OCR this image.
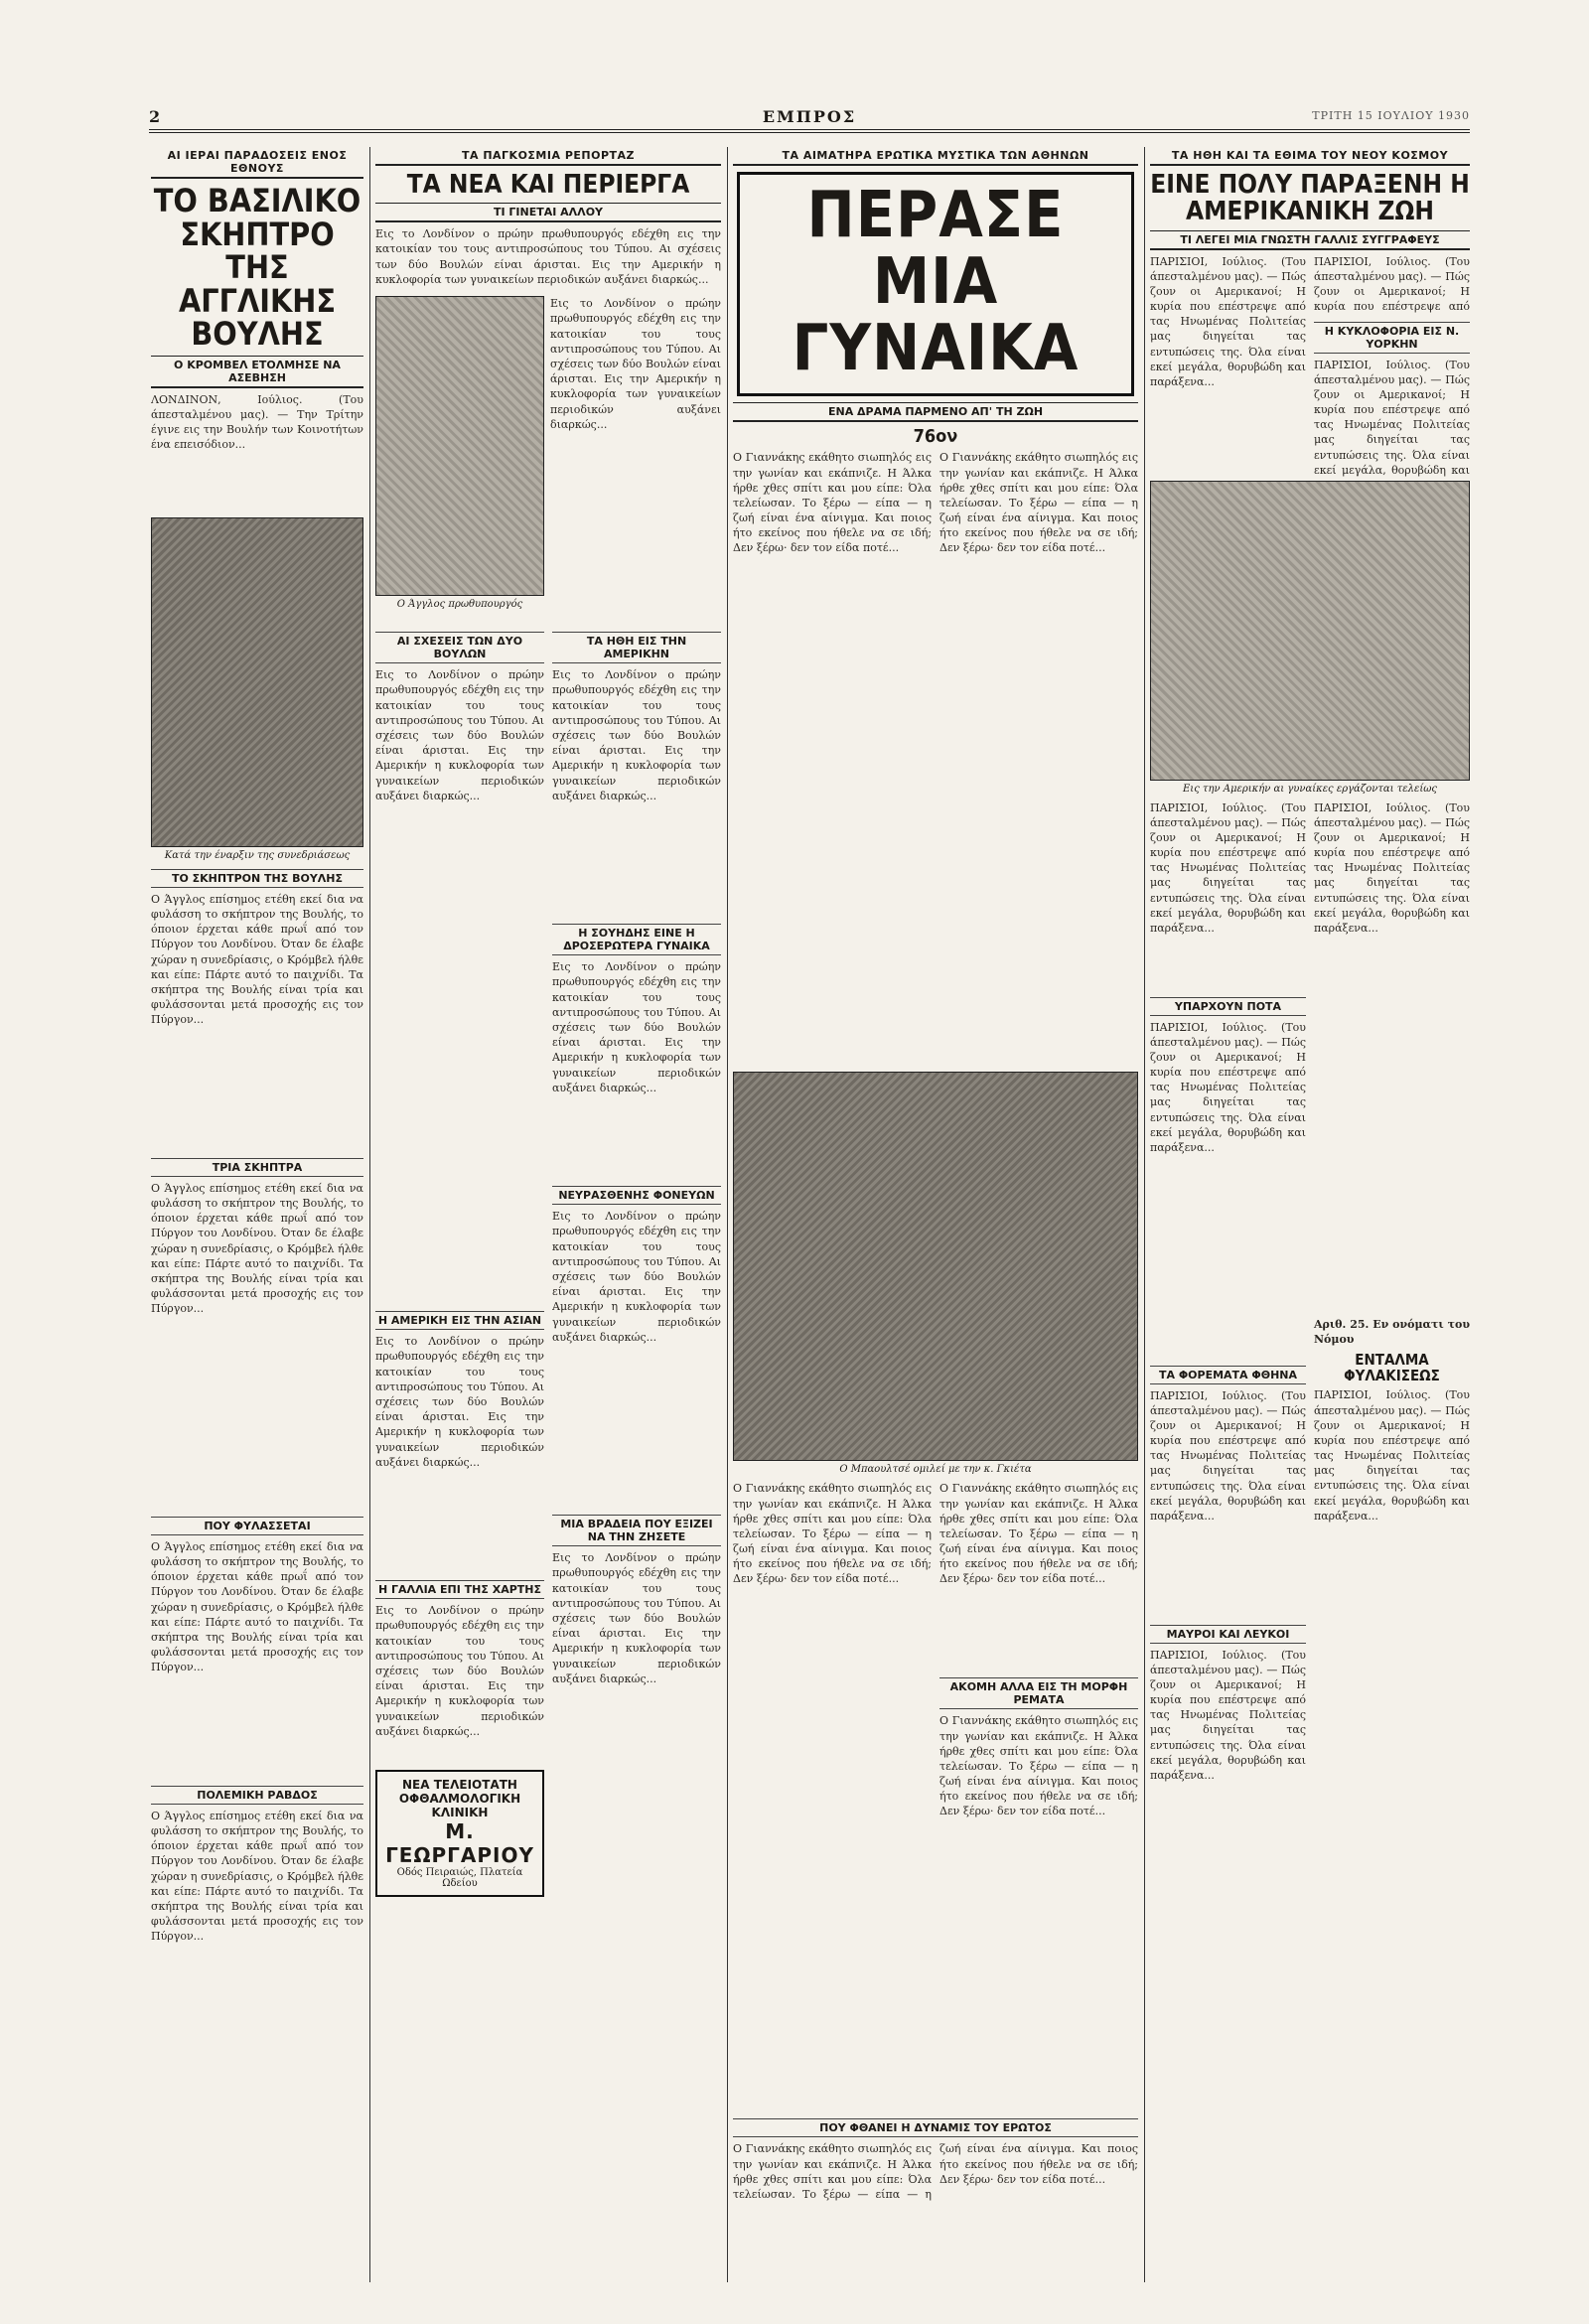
2	ΕΜΠΡΟΣ	ΤΡΙΤΗ 15 ΙΟΥΛΙΟΥ 1930
ΑΙ ΙΕΡΑΙ ΠΑΡΑΔΟΣΕΙΣ ΕΝΟΣ ΕΘΝΟΥΣ
ΤΟ ΒΑΣΙΛΙΚΟ ΣΚΗΠΤΡΟ ΤΗΣ ΑΓΓΛΙΚΗΣ ΒΟΥΛΗΣ
Ο ΚΡΟΜΒΕΛ ΕΤΟΛΜΗΣΕ ΝΑ ΑΣΕΒΗΣΗ
ΛΟΝΔΙΝΟΝ, Ιούλιος. (Του άπεσταλμένου μας). — Την Τρίτην έγινε εις την Βουλήν των Κοινοτήτων ένα επεισόδιον...
Κατά την έναρξιν της συνεδριάσεως
ΤΟ ΣΚΗΠΤΡΟΝ ΤΗΣ ΒΟΥΛΗΣ
Ο Άγγλος επίσημος ετέθη εκεί δια να φυλάσση το σκήπτρον της Βουλής, το όποιον έρχεται κάθε πρωΐ από τον Πύργον του Λονδίνου. Όταν δε έλαβε χώραν η συνεδρίασις, ο Κρόμβελ ήλθε και είπε: Πάρτε αυτό το παιχνίδι. Τα σκήπτρα της Βουλής είναι τρία και φυλάσσονται μετά προσοχής εις τον Πύργον...
ΤΡΙΑ ΣΚΗΠΤΡΑ
Ο Άγγλος επίσημος ετέθη εκεί δια να φυλάσση το σκήπτρον της Βουλής, το όποιον έρχεται κάθε πρωΐ από τον Πύργον του Λονδίνου. Όταν δε έλαβε χώραν η συνεδρίασις, ο Κρόμβελ ήλθε και είπε: Πάρτε αυτό το παιχνίδι. Τα σκήπτρα της Βουλής είναι τρία και φυλάσσονται μετά προσοχής εις τον Πύργον...
ΠΟΥ ΦΥΛΑΣΣΕΤΑΙ
Ο Άγγλος επίσημος ετέθη εκεί δια να φυλάσση το σκήπτρον της Βουλής, το όποιον έρχεται κάθε πρωΐ από τον Πύργον του Λονδίνου. Όταν δε έλαβε χώραν η συνεδρίασις, ο Κρόμβελ ήλθε και είπε: Πάρτε αυτό το παιχνίδι. Τα σκήπτρα της Βουλής είναι τρία και φυλάσσονται μετά προσοχής εις τον Πύργον...
ΠΟΛΕΜΙΚΗ ΡΑΒΔΟΣ
Ο Άγγλος επίσημος ετέθη εκεί δια να φυλάσση το σκήπτρον της Βουλής, το όποιον έρχεται κάθε πρωΐ από τον Πύργον του Λονδίνου. Όταν δε έλαβε χώραν η συνεδρίασις, ο Κρόμβελ ήλθε και είπε: Πάρτε αυτό το παιχνίδι. Τα σκήπτρα της Βουλής είναι τρία και φυλάσσονται μετά προσοχής εις τον Πύργον...
ΤΑ ΠΑΓΚΟΣΜΙΑ ΡΕΠΟΡΤΑΖ
ΤΑ ΝΕΑ ΚΑΙ ΠΕΡΙΕΡΓΑ
ΤΙ ΓΙΝΕΤΑΙ ΑΛΛΟΥ
Εις το Λονδίνον ο πρώην πρωθυπουργός εδέχθη εις την κατοικίαν του τους αντιπροσώπους του Τύπου. Αι σχέσεις των δύο Βουλών είναι άρισται. Εις την Αμερικήν η κυκλοφορία των γυναικείων περιοδικών αυξάνει διαρκώς...
Ο Άγγλος πρωθυπουργός
Εις το Λονδίνον ο πρώην πρωθυπουργός εδέχθη εις την κατοικίαν του τους αντιπροσώπους του Τύπου. Αι σχέσεις των δύο Βουλών είναι άρισται. Εις την Αμερικήν η κυκλοφορία των γυναικείων περιοδικών αυξάνει διαρκώς...
ΑΙ ΣΧΕΣΕΙΣ ΤΩΝ ΔΥΟ ΒΟΥΛΩΝ
Εις το Λονδίνον ο πρώην πρωθυπουργός εδέχθη εις την κατοικίαν του τους αντιπροσώπους του Τύπου. Αι σχέσεις των δύο Βουλών είναι άρισται. Εις την Αμερικήν η κυκλοφορία των γυναικείων περιοδικών αυξάνει διαρκώς...
Η ΑΜΕΡΙΚΗ ΕΙΣ ΤΗΝ ΑΣΙΑΝ
Εις το Λονδίνον ο πρώην πρωθυπουργός εδέχθη εις την κατοικίαν του τους αντιπροσώπους του Τύπου. Αι σχέσεις των δύο Βουλών είναι άρισται. Εις την Αμερικήν η κυκλοφορία των γυναικείων περιοδικών αυξάνει διαρκώς...
Η ΓΑΛΛΙΑ ΕΠΙ ΤΗΣ ΧΑΡΤΗΣ
Εις το Λονδίνον ο πρώην πρωθυπουργός εδέχθη εις την κατοικίαν του τους αντιπροσώπους του Τύπου. Αι σχέσεις των δύο Βουλών είναι άρισται. Εις την Αμερικήν η κυκλοφορία των γυναικείων περιοδικών αυξάνει διαρκώς...
ΝΕΑ ΤΕΛΕΙΟΤΑΤΗ
ΟΦΘΑΛΜΟΛΟΓΙΚΗ ΚΛΙΝΙΚΗ
Μ. ΓΕΩΡΓΑΡΙΟΥ
Οδός Πειραιώς, Πλατεία Ωδείου
ΤΑ ΗΘΗ ΕΙΣ ΤΗΝ ΑΜΕΡΙΚΗΝ
Εις το Λονδίνον ο πρώην πρωθυπουργός εδέχθη εις την κατοικίαν του τους αντιπροσώπους του Τύπου. Αι σχέσεις των δύο Βουλών είναι άρισται. Εις την Αμερικήν η κυκλοφορία των γυναικείων περιοδικών αυξάνει διαρκώς...
Η ΣΟΥΗΔΗΣ ΕΙΝΕ Η ΔΡΟΣΕΡΩΤΕΡΑ ΓΥΝΑΙΚΑ
Εις το Λονδίνον ο πρώην πρωθυπουργός εδέχθη εις την κατοικίαν του τους αντιπροσώπους του Τύπου. Αι σχέσεις των δύο Βουλών είναι άρισται. Εις την Αμερικήν η κυκλοφορία των γυναικείων περιοδικών αυξάνει διαρκώς...
ΝΕΥΡΑΣΘΕΝΗΣ ΦΟΝΕΥΩΝ
Εις το Λονδίνον ο πρώην πρωθυπουργός εδέχθη εις την κατοικίαν του τους αντιπροσώπους του Τύπου. Αι σχέσεις των δύο Βουλών είναι άρισται. Εις την Αμερικήν η κυκλοφορία των γυναικείων περιοδικών αυξάνει διαρκώς...
ΜΙΑ ΒΡΑΔΕΙΑ ΠΟΥ ΕΞΙΖΕΙ ΝΑ ΤΗΝ ΖΗΣΕΤΕ
Εις το Λονδίνον ο πρώην πρωθυπουργός εδέχθη εις την κατοικίαν του τους αντιπροσώπους του Τύπου. Αι σχέσεις των δύο Βουλών είναι άρισται. Εις την Αμερικήν η κυκλοφορία των γυναικείων περιοδικών αυξάνει διαρκώς...
ΤΑ ΑΙΜΑΤΗΡΑ ΕΡΩΤΙΚΑ ΜΥΣΤΙΚΑ ΤΩΝ ΑΘΗΝΩΝ
ΠΕΡΑΣΕ ΜΙΑ ΓΥΝΑΙΚΑ
ΕΝΑ ΔΡΑΜΑ ΠΑΡΜΕΝΟ ΑΠ' ΤΗ ΖΩΗ
76ον
Ο Γιαννάκης εκάθητο σιωπηλός εις την γωνίαν και εκάπνιζε. Η Άλκα ήρθε χθες σπίτι και μου είπε: Όλα τελείωσαν. Το ξέρω — είπα — η ζωή είναι ένα αίνιγμα. Και ποιος ήτο εκείνος που ήθελε να σε ιδή; Δεν ξέρω· δεν τον είδα ποτέ...
Ο Γιαννάκης εκάθητο σιωπηλός εις την γωνίαν και εκάπνιζε. Η Άλκα ήρθε χθες σπίτι και μου είπε: Όλα τελείωσαν. Το ξέρω — είπα — η ζωή είναι ένα αίνιγμα. Και ποιος ήτο εκείνος που ήθελε να σε ιδή; Δεν ξέρω· δεν τον είδα ποτέ...
Ο Μπαουλτσέ ομιλεί με την κ. Γκιέτα
Ο Γιαννάκης εκάθητο σιωπηλός εις την γωνίαν και εκάπνιζε. Η Άλκα ήρθε χθες σπίτι και μου είπε: Όλα τελείωσαν. Το ξέρω — είπα — η ζωή είναι ένα αίνιγμα. Και ποιος ήτο εκείνος που ήθελε να σε ιδή; Δεν ξέρω· δεν τον είδα ποτέ...
Ο Γιαννάκης εκάθητο σιωπηλός εις την γωνίαν και εκάπνιζε. Η Άλκα ήρθε χθες σπίτι και μου είπε: Όλα τελείωσαν. Το ξέρω — είπα — η ζωή είναι ένα αίνιγμα. Και ποιος ήτο εκείνος που ήθελε να σε ιδή; Δεν ξέρω· δεν τον είδα ποτέ...
ΑΚΟΜΗ ΑΛΛΑ ΕΙΣ ΤΗ ΜΟΡΦΗ ΡΕΜΑΤΑ
Ο Γιαννάκης εκάθητο σιωπηλός εις την γωνίαν και εκάπνιζε. Η Άλκα ήρθε χθες σπίτι και μου είπε: Όλα τελείωσαν. Το ξέρω — είπα — η ζωή είναι ένα αίνιγμα. Και ποιος ήτο εκείνος που ήθελε να σε ιδή; Δεν ξέρω· δεν τον είδα ποτέ...
ΠΟΥ ΦΘΑΝΕΙ Η ΔΥΝΑΜΙΣ ΤΟΥ ΕΡΩΤΟΣ
Ο Γιαννάκης εκάθητο σιωπηλός εις την γωνίαν και εκάπνιζε. Η Άλκα ήρθε χθες σπίτι και μου είπε: Όλα τελείωσαν. Το ξέρω — είπα — η ζωή είναι ένα αίνιγμα. Και ποιος ήτο εκείνος που ήθελε να σε ιδή; Δεν ξέρω· δεν τον είδα ποτέ...
ΤΑ ΗΘΗ ΚΑΙ ΤΑ ΕΘΙΜΑ ΤΟΥ ΝΕΟΥ ΚΟΣΜΟΥ
ΕΙΝΕ ΠΟΛΥ ΠΑΡΑΞΕΝΗ Η ΑΜΕΡΙΚΑΝΙΚΗ ΖΩΗ
ΤΙ ΛΕΓΕΙ ΜΙΑ ΓΝΩΣΤΗ ΓΑΛΛΙΣ ΣΥΓΓΡΑΦΕΥΣ
ΠΑΡΙΣΙΟΙ, Ιούλιος. (Του άπεσταλμένου μας). — Πώς ζουν οι Αμερικανοί; Η κυρία που επέστρεψε από τας Ηνωμένας Πολιτείας μας διηγείται τας εντυπώσεις της. Όλα είναι εκεί μεγάλα, θορυβώδη και παράξενα...
ΠΑΡΙΣΙΟΙ, Ιούλιος. (Του άπεσταλμένου μας). — Πώς ζουν οι Αμερικανοί; Η κυρία που επέστρεψε από
Η ΚΥΚΛΟΦΟΡΙΑ ΕΙΣ Ν. ΥΟΡΚΗΝ
ΠΑΡΙΣΙΟΙ, Ιούλιος. (Του άπεσταλμένου μας). — Πώς ζουν οι Αμερικανοί; Η κυρία που επέστρεψε από τας Ηνωμένας Πολιτείας μας διηγείται τας εντυπώσεις της. Όλα είναι εκεί μεγάλα, θορυβώδη και
Εις την Αμερικήν αι γυναίκες εργάζονται τελείως
ΠΑΡΙΣΙΟΙ, Ιούλιος. (Του άπεσταλμένου μας). — Πώς ζουν οι Αμερικανοί; Η κυρία που επέστρεψε από τας Ηνωμένας Πολιτείας μας διηγείται τας εντυπώσεις της. Όλα είναι εκεί μεγάλα, θορυβώδη και παράξενα...
ΥΠΑΡΧΟΥΝ ΠΟΤΑ
ΠΑΡΙΣΙΟΙ, Ιούλιος. (Του άπεσταλμένου μας). — Πώς ζουν οι Αμερικανοί; Η κυρία που επέστρεψε από τας Ηνωμένας Πολιτείας μας διηγείται τας εντυπώσεις της. Όλα είναι εκεί μεγάλα, θορυβώδη και παράξενα...
ΤΑ ΦΟΡΕΜΑΤΑ ΦΘΗΝΑ
ΠΑΡΙΣΙΟΙ, Ιούλιος. (Του άπεσταλμένου μας). — Πώς ζουν οι Αμερικανοί; Η κυρία που επέστρεψε από τας Ηνωμένας Πολιτείας μας διηγείται τας εντυπώσεις της. Όλα είναι εκεί μεγάλα, θορυβώδη και παράξενα...
ΜΑΥΡΟΙ ΚΑΙ ΛΕΥΚΟΙ
ΠΑΡΙΣΙΟΙ, Ιούλιος. (Του άπεσταλμένου μας). — Πώς ζουν οι Αμερικανοί; Η κυρία που επέστρεψε από τας Ηνωμένας Πολιτείας μας διηγείται τας εντυπώσεις της. Όλα είναι εκεί μεγάλα, θορυβώδη και παράξενα...
ΠΑΡΙΣΙΟΙ, Ιούλιος. (Του άπεσταλμένου μας). — Πώς ζουν οι Αμερικανοί; Η κυρία που επέστρεψε από τας Ηνωμένας Πολιτείας μας διηγείται τας εντυπώσεις της. Όλα είναι εκεί μεγάλα, θορυβώδη και παράξενα...
Αριθ. 25. Εν ονόματι του Νόμου
ΕΝΤΑΛΜΑ ΦΥΛΑΚΙΣΕΩΣ
ΠΑΡΙΣΙΟΙ, Ιούλιος. (Του άπεσταλμένου μας). — Πώς ζουν οι Αμερικανοί; Η κυρία που επέστρεψε από τας Ηνωμένας Πολιτείας μας διηγείται τας εντυπώσεις της. Όλα είναι εκεί μεγάλα, θορυβώδη και παράξενα...
